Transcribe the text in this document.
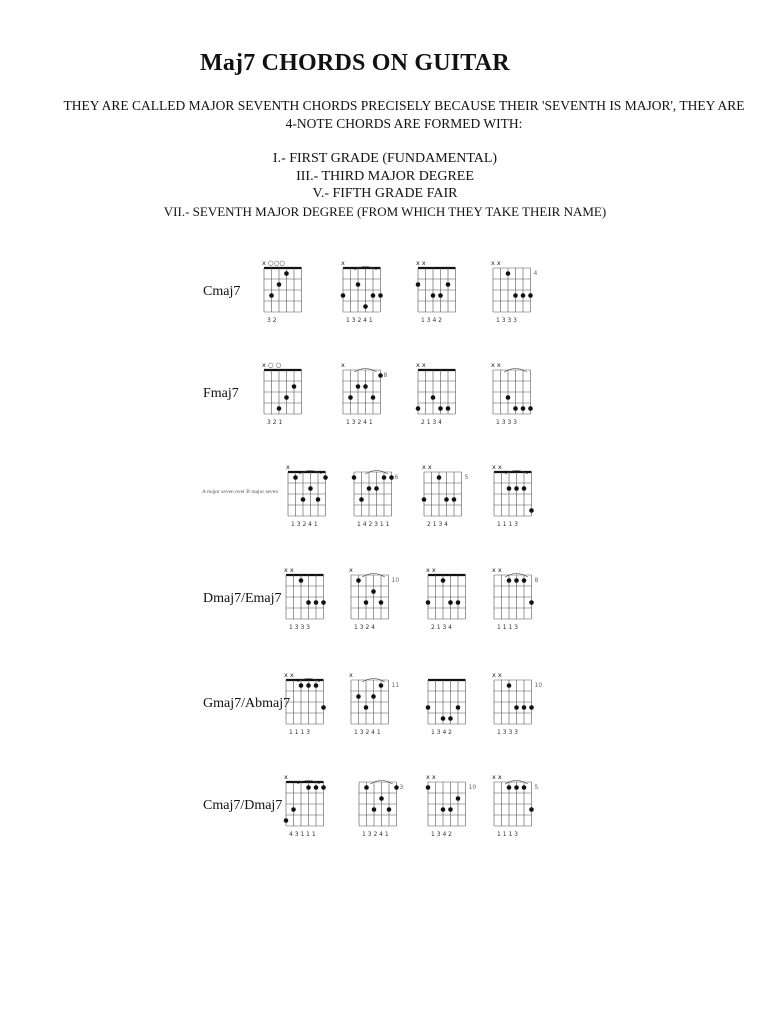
Maj7 CHORDS ON GUITAR
THEY ARE CALLED MAJOR SEVENTH CHORDS PRECISELY BECAUSE THEIR 'SEVENTH IS MAJOR', THEY ARE
4-NOTE CHORDS ARE FORMED WITH:
I.- FIRST GRADE (FUNDAMENTAL)
III.- THIRD MAJOR DEGREE
V.- FIFTH GRADE FAIR
VII.- SEVENTH MAJOR DEGREE (FROM WHICH THEY TAKE THEIR NAME)
Cmaj7
x ○○○
3 2
x
1 3 2 4 1
x x
1 3 4 2
x x
4
1 3 3 3
Fmaj7
x ○ ○
3 2 1
x
8
1 3 2 4 1
x x
2 1 3 4
x x
1 3 3 3
A major seven over B major seven
x
1 3 2 4 1
6
1 4 2 3 1 1
x x
5
2 1 3 4
x x
1 1 1 3
Dmaj7/Emaj7
x x
1 3 3 3
x
10
1 3 2 4
x x
2 1 3 4
x x
8
1 1 1 3
Gmaj7/Abmaj7
x x
1 1 1 3
x
11
1 3 2 4 1	1 3 4 2
x x
10
1 3 3 3
Cmaj7/Dmaj7
x
4 3 1 1 1
3
1 3 2 4 1
x x
10
1 3 4 2
x x
5
1 1 1 3
